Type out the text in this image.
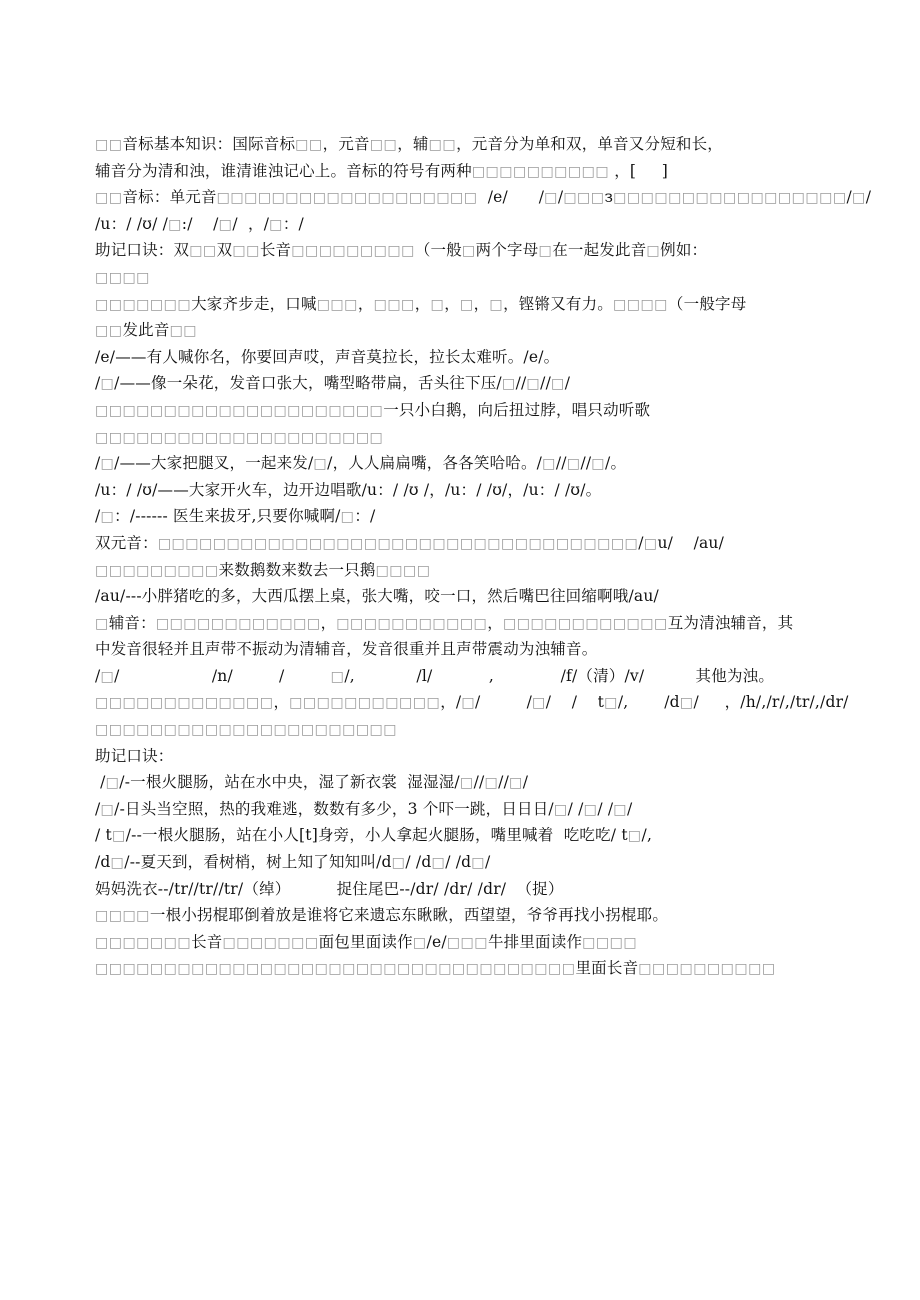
□□音标基本知识：国际音标□□，元音□□，辅□□，元音分为单和双，单音又分短和长，
辅音分为清和浊，谁清谁浊记心上。音标的符号有两种□□□□□□□□□□ ，[     ]
□□音标：单元音□□□□□□□□□□□□□□□□□□□  /e/      /□/□□□з□□□□□□□□□□□□□□□□□/□/
/u：/ /ʊ/ /□:/    /□/  ，/□：/
助记口诀：双□□双□□长音□□□□□□□□□（一般□两个字母□在一起发此音□例如：
□□□□
□□□□□□□大家齐步走，口喊□□□，□□□，□，□，□，铿锵又有力。□□□□（一般字母
□□发此音□□
/e/——有人喊你名，你要回声哎，声音莫拉长，拉长太难听。/e/。
/□/——像一朵花，发音口张大，嘴型略带扁，舌头往下压/□//□//□/
□□□□□□□□□□□□□□□□□□□□□一只小白鹅，向后扭过脖，唱只动听歌
□□□□□□□□□□□□□□□□□□□□□
/□/——大家把腿叉，一起来发/□/，人人扁扁嘴，各各笑哈哈。/□//□//□/。
/u：/ /ʊ/——大家开火车，边开边唱歌/u：/ /ʊ /，/u：/ /ʊ/，/u：/ /ʊ/。
/□：/------ 医生来拔牙,只要你喊啊/□：/
双元音：□□□□□□□□□□□□□□□□□□□□□□□□□□□□□□□□□□□/□u/    /au/
□□□□□□□□□来数鹅数来数去一只鹅□□□□
/au/---小胖猪吃的多，大西瓜摆上桌，张大嘴，咬一口，然后嘴巴往回缩啊哦/au/
□辅音：□□□□□□□□□□□□，□□□□□□□□□□□，□□□□□□□□□□□□互为清浊辅音，其
中发音很轻并且声带不振动为清辅音，发音很重并且声带震动为浊辅音。
/□/                  /n/         /         □/,            /l/           ,             /f/（清）/v/          其他为浊。
□□□□□□□□□□□□□，□□□□□□□□□□□，/□/         /□/    /    t□/,       /d□/     ，/h/,/r/,/tr/,/dr/
□□□□□□□□□□□□□□□□□□□□□□
助记口诀：
/□/-一根火腿肠，站在水中央，湿了新衣裳  湿湿湿/□//□//□/
/□/-日头当空照，热的我难逃，数数有多少，3 个吓一跳，日日日/□/ /□/ /□/
/ t□/--一根火腿肠，站在小人[t]身旁，小人拿起火腿肠，嘴里喊着  吃吃吃/ t□/,
/d□/--夏天到，看树梢，树上知了知知叫/d□/ /d□/ /d□/
妈妈洗衣--/tr//tr//tr/（绰）         捉住尾巴--/dr/ /dr/ /dr/  （捉）
□□□□一根小拐棍耶倒着放是谁将它来遗忘东瞅瞅，西望望，爷爷再找小拐棍耶。
□□□□□□□长音□□□□□□□面包里面读作□/e/□□□牛排里面读作□□□□
□□□□□□□□□□□□□□□□□□□□□□□□□□□□□□□□□□□里面长音□□□□□□□□□□
